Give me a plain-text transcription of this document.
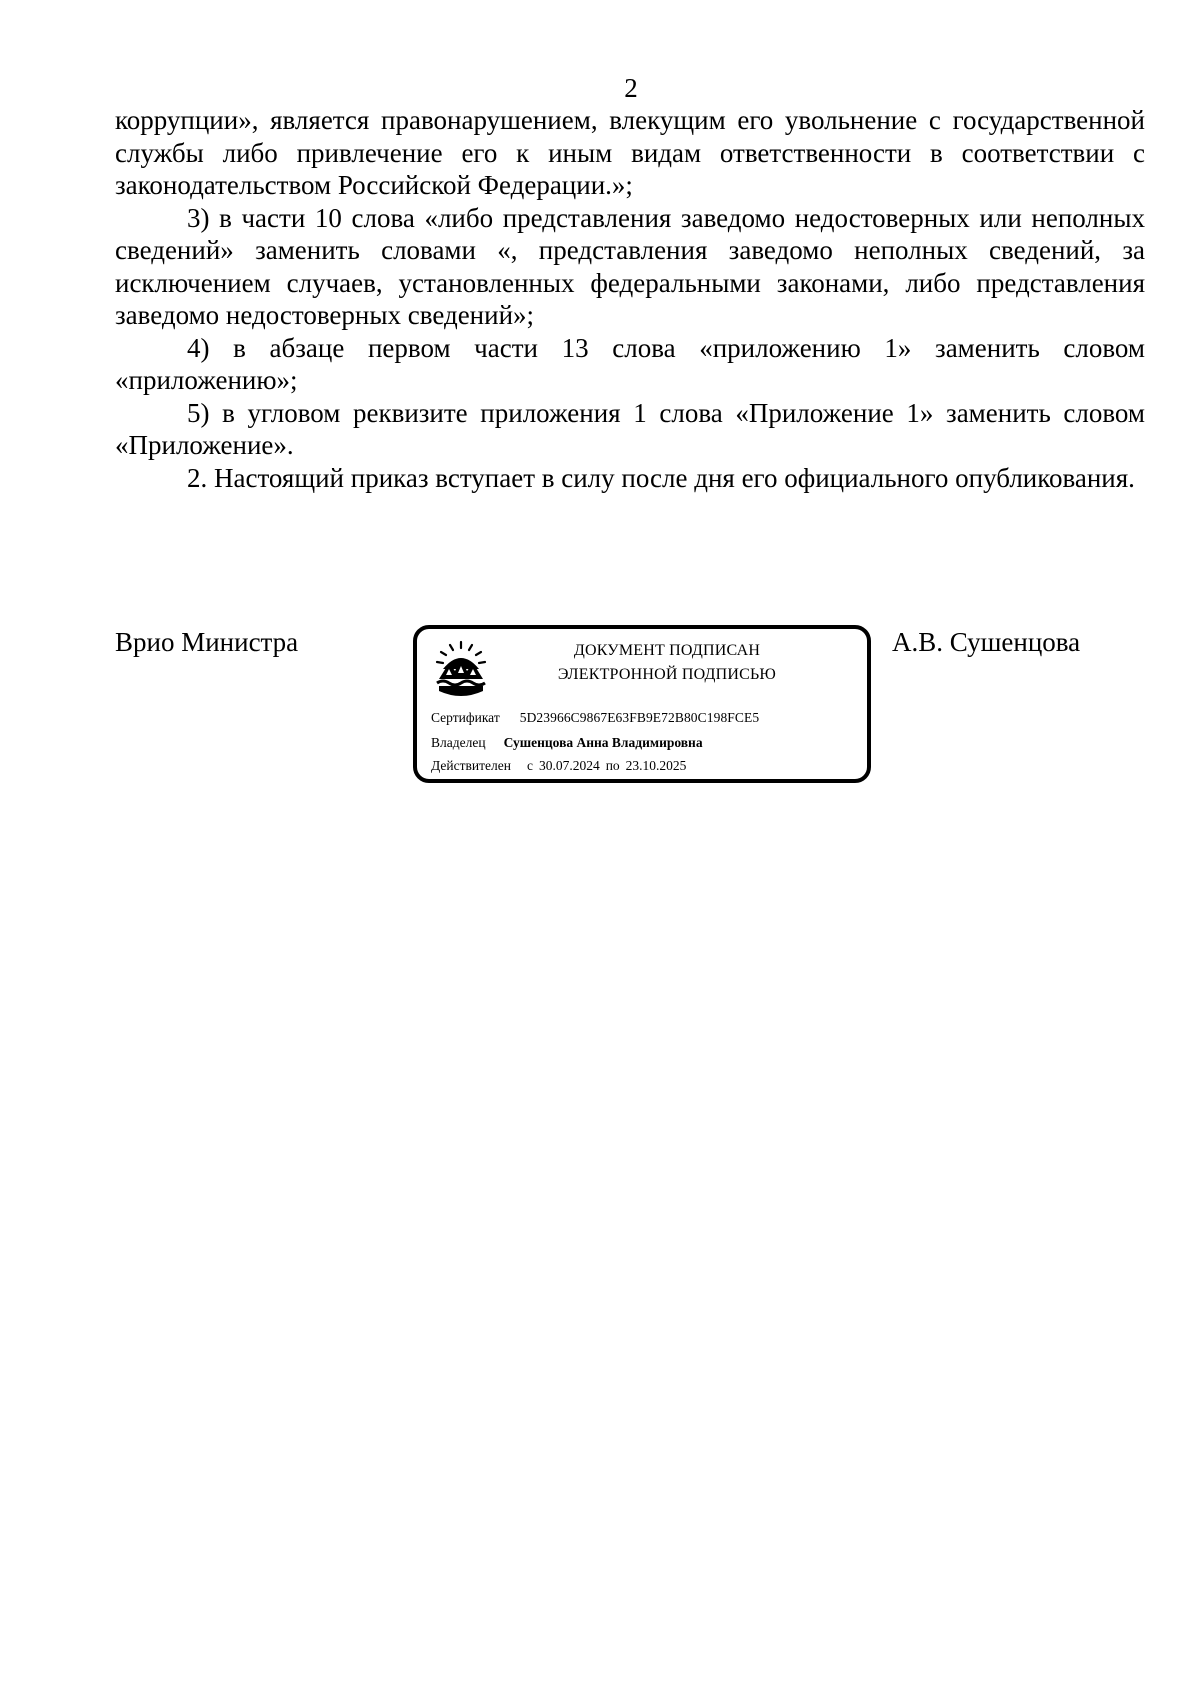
2

коррупции», является правонарушением, влекущим его увольнение с государственной службы либо привлечение его к иным видам ответственности в соответствии с законодательством Российской Федерации.»;

3) в части 10 слова «либо представления заведомо недостоверных или неполных сведений» заменить словами «, представления заведомо неполных сведений, за исключением случаев, установленных федеральными законами, либо представления заведомо недостоверных сведений»;

4) в абзаце первом части 13 слова «приложению 1» заменить словом «приложению»;

5) в угловом реквизите приложения 1 слова «Приложение 1» заменить словом «Приложение».

2. Настоящий приказ вступает в силу после дня его официального опубликования.

Врио Министра	ДОКУМЕНТ ПОДПИСАН
ЭЛЕКТРОННОЙ ПОДПИСЬЮ
Сертификат 5D23966C9867E63FB9E72B80C198FCE5
Владелец Сушенцова Анна Владимировна
Действителен с 30.07.2024 по 23.10.2025
А.В. Сушенцова
